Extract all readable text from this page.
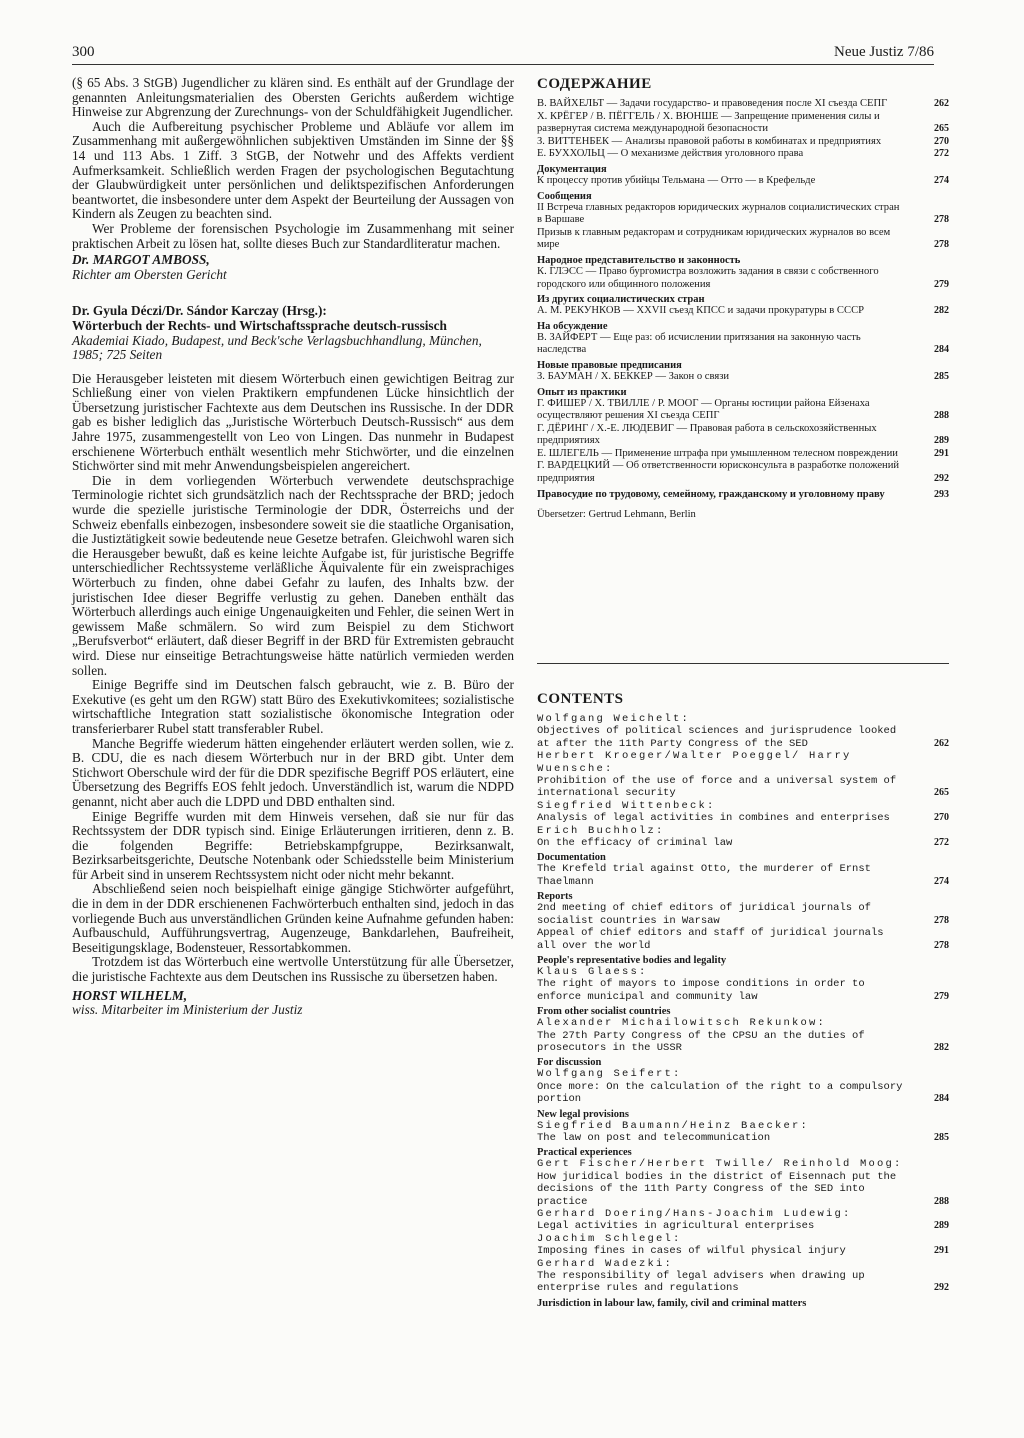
300	Neue Justiz 7/86

(§ 65 Abs. 3 StGB) Jugendlicher zu klären sind. Es enthält auf der Grundlage der genannten Anleitungsmaterialien des Obersten Gerichts außerdem wichtige Hinweise zur Abgrenzung der Zurechnungs- von der Schuldfähigkeit Jugendlicher.

Auch die Aufbereitung psychischer Probleme und Abläufe vor allem im Zusammenhang mit außergewöhnlichen subjektiven Umständen im Sinne der §§ 14 und 113 Abs. 1 Ziff. 3 StGB, der Notwehr und des Affekts verdient Aufmerksamkeit. Schließlich werden Fragen der psychologischen Begutachtung der Glaubwürdigkeit unter persönlichen und deliktspezifischen Anforderungen beantwortet, die insbesondere unter dem Aspekt der Beurteilung der Aussagen von Kindern als Zeugen zu beachten sind.

Wer Probleme der forensischen Psychologie im Zusammenhang mit seiner praktischen Arbeit zu lösen hat, sollte dieses Buch zur Standardliteratur machen.

Dr. MARGOT AMBOSS,
Richter am Obersten Gericht
Dr. Gyula Déczi/Dr. Sándor Karczay (Hrsg.):
Wörterbuch der Rechts- und Wirtschaftssprache deutsch-russisch
Akademiai Kiado, Budapest, und Beck'sche Verlagsbuchhandlung, München, 1985; 725 Seiten

Die Herausgeber leisteten mit diesem Wörterbuch einen gewichtigen Beitrag zur Schließung einer von vielen Praktikern empfundenen Lücke hinsichtlich der Übersetzung juristischer Fachtexte aus dem Deutschen ins Russische. In der DDR gab es bisher lediglich das „Juristische Wörterbuch Deutsch-Russisch“ aus dem Jahre 1975, zusammengestellt von Leo von Lingen. Das nunmehr in Budapest erschienene Wörterbuch enthält wesentlich mehr Stichwörter, und die einzelnen Stichwörter sind mit mehr Anwendungsbeispielen angereichert.

Die in dem vorliegenden Wörterbuch verwendete deutschsprachige Terminologie richtet sich grundsätzlich nach der Rechtssprache der BRD; jedoch wurde die spezielle juristische Terminologie der DDR, Österreichs und der Schweiz ebenfalls einbezogen, insbesondere soweit sie die staatliche Organisation, die Justiztätigkeit sowie bedeutende neue Gesetze betrafen. Gleichwohl waren sich die Herausgeber bewußt, daß es keine leichte Aufgabe ist, für juristische Begriffe unterschiedlicher Rechtssysteme verläßliche Äquivalente für ein zweisprachiges Wörterbuch zu finden, ohne dabei Gefahr zu laufen, des Inhalts bzw. der juristischen Idee dieser Begriffe verlustig zu gehen. Daneben enthält das Wörterbuch allerdings auch einige Ungenauigkeiten und Fehler, die seinen Wert in gewissem Maße schmälern. So wird zum Beispiel zu dem Stichwort „Berufsverbot“ erläutert, daß dieser Begriff in der BRD für Extremisten gebraucht wird. Diese nur einseitige Betrachtungsweise hätte natürlich vermieden werden sollen.

Einige Begriffe sind im Deutschen falsch gebraucht, wie z. B. Büro der Exekutive (es geht um den RGW) statt Büro des Exekutivkomitees; sozialistische wirtschaftliche Integration statt sozialistische ökonomische Integration oder transferierbarer Rubel statt transferabler Rubel.

Manche Begriffe wiederum hätten eingehender erläutert werden sollen, wie z. B. CDU, die es nach diesem Wörterbuch nur in der BRD gibt. Unter dem Stichwort Oberschule wird der für die DDR spezifische Begriff POS erläutert, eine Übersetzung des Begriffs EOS fehlt jedoch. Unverständlich ist, warum die NDPD genannt, nicht aber auch die LDPD und DBD enthalten sind.

Einige Begriffe wurden mit dem Hinweis versehen, daß sie nur für das Rechtssystem der DDR typisch sind. Einige Erläuterungen irritieren, denn z. B. die folgenden Begriffe: Betriebskampfgruppe, Bezirksanwalt, Bezirksarbeitsgerichte, Deutsche Notenbank oder Schiedsstelle beim Ministerium für Arbeit sind in unserem Rechtssystem nicht oder nicht mehr bekannt.

Abschließend seien noch beispielhaft einige gängige Stichwörter aufgeführt, die in dem in der DDR erschienenen Fachwörterbuch enthalten sind, jedoch in das vorliegende Buch aus unverständlichen Gründen keine Aufnahme gefunden haben: Aufbauschuld, Aufführungsvertrag, Augenzeuge, Bankdarlehen, Baufreiheit, Beseitigungsklage, Bodensteuer, Ressortabkommen.

Trotzdem ist das Wörterbuch eine wertvolle Unterstützung für alle Übersetzer, die juristische Fachtexte aus dem Deutschen ins Russische zu übersetzen haben.

HORST WILHELM,
wiss. Mitarbeiter im Ministerium der Justiz
СОДЕРЖАНИЕ
В. ВАЙХЕЛЬТ — Задачи государство- и правоведения после XI съезда СЕПГ	262
Х. КРЁГЕР / В. ПЁГГЕЛЬ / Х. ВЮНШЕ — Запрещение применения силы и развернутая система международной безопасности	265
З. ВИТТЕНБЕК — Анализы правовой работы в комбинатах и предприятиях	270
Е. БУХХОЛЬЦ — О механизме действия уголовного права	272
Документация
К процессу против убийцы Тельмана — Отто — в Крефельде	274
Сообщения
II Встреча главных редакторов юридических журналов социалистических стран в Варшаве	278
Призыв к главным редакторам и сотрудникам юридических журналов во всем мире	278
Народное представительство и законность
К. ГЛЭСС — Право бургомистра возложить задания в связи с собственного городского или общинного положения	279
Из других социалистических стран
А. М. РЕКУНКОВ — XXVII съезд КПСС и задачи прокуратуры в СССР	282
На обсуждение
В. ЗАЙФЕРТ — Еще раз: об исчислении притязания на законную часть наследства	284
Новые правовые предписания
З. БАУМАН / Х. БЕККЕР — Закон о связи	285
Опыт из практики
Г. ФИШЕР / Х. ТВИЛЛЕ / Р. МООГ — Органы юстиции района Ейзенаха осуществляют решения XI съезда СЕПГ	288
Г. ДЁРИНГ / Х.-Е. ЛЮДЕВИГ — Правовая работа в сельскохозяйственных предприятиях	289
Е. ШЛЕГЕЛЬ — Применение штрафа при умышленном телесном повреждении	291
Г. ВАРДЕЦКИЙ — Об ответственности юрисконсульта в разработке положений предприятия	292
Правосудие по трудовому, семейному, гражданскому и уголовному праву	293
Übersetzer: Gertrud Lehmann, Berlin
CONTENTS
Wolfgang Weichelt:
Objectives of political sciences and jurisprudence looked at after the 11th Party Congress of the SED	262
Herbert Kroeger/Walter Poeggel/ Harry Wuensche:
Prohibition of the use of force and a universal system of international security	265
Siegfried Wittenbeck:
Analysis of legal activities in combines and enterprises	270
Erich Buchholz:
On the efficacy of criminal law	272
Documentation
The Krefeld trial against Otto, the murderer of Ernst Thaelmann	274
Reports
2nd meeting of chief editors of juridical journals of socialist countries in Warsaw	278
Appeal of chief editors and staff of juridical journals all over the world	278
People's representative bodies and legality
Klaus Glaess:
The right of mayors to impose conditions in order to enforce municipal and community law	279
From other socialist countries
Alexander Michailowitsch Rekunkow:
The 27th Party Congress of the CPSU an the duties of prosecutors in the USSR	282
For discussion
Wolfgang Seifert:
Once more: On the calculation of the right to a compulsory portion	284
New legal provisions
Siegfried Baumann/Heinz Baecker:
The law on post and telecommunication	285
Practical experiences
Gert Fischer/Herbert Twille/ Reinhold Moog:
How juridical bodies in the district of Eisennach put the decisions of the 11th Party Congress of the SED into practice	288
Gerhard Doering/Hans-Joachim Ludewig:
Legal activities in agricultural enterprises	289
Joachim Schlegel:
Imposing fines in cases of wilful physical injury	291
Gerhard Wadezki:
The responsibility of legal advisers when drawing up enterprise rules and regulations	292
Jurisdiction in labour law, family, civil and criminal matters
